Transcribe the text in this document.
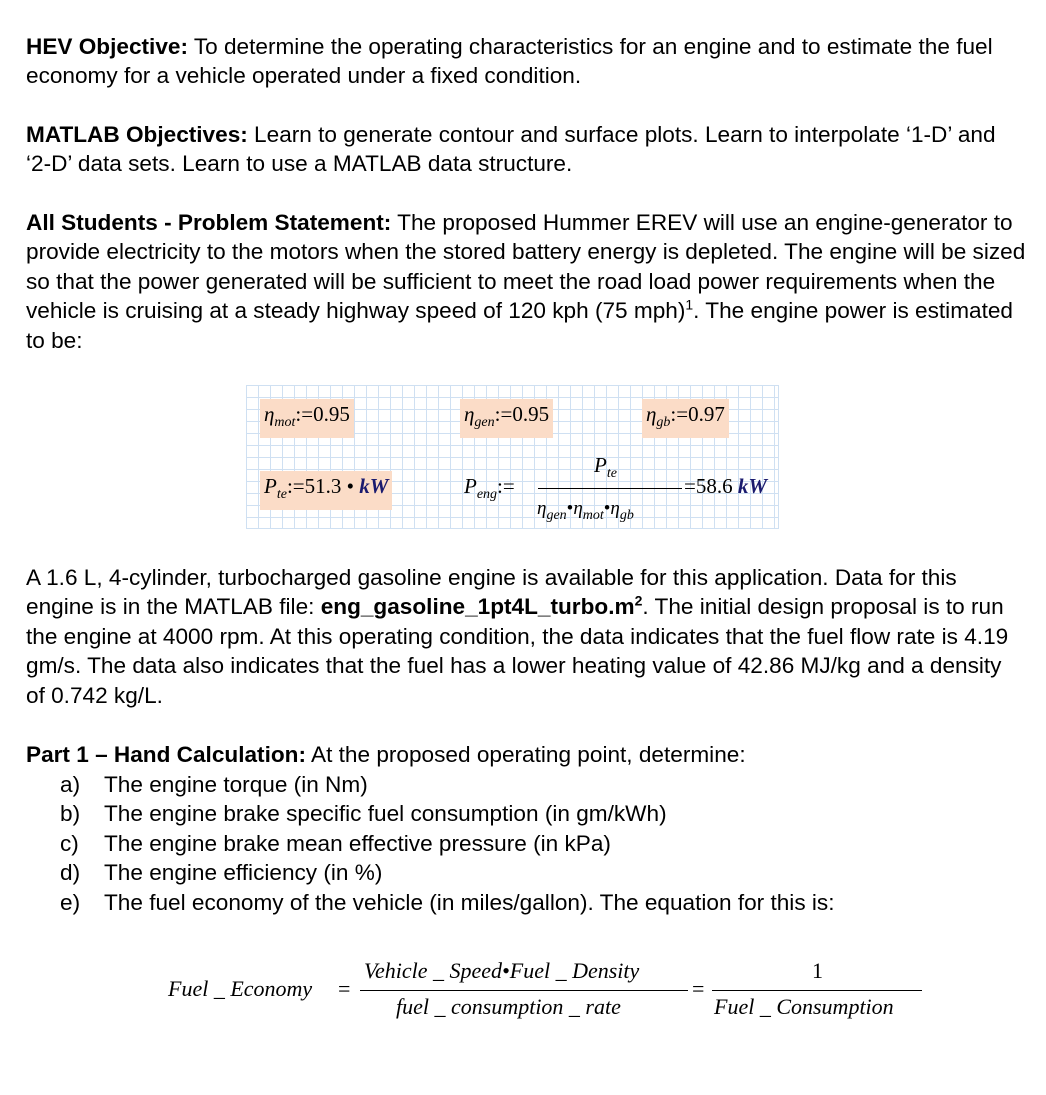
HEV Objective: To determine the operating characteristics for an engine and to estimate the fuel economy for a vehicle operated under a fixed condition.

MATLAB Objectives: Learn to generate contour and surface plots. Learn to interpolate ‘1-D’ and ‘2-D’ data sets. Learn to use a MATLAB data structure.

All Students - Problem Statement: The proposed Hummer EREV will use an engine-generator to provide electricity to the motors when the stored battery energy is depleted. The engine will be sized so that the power generated will be sufficient to meet the road load power requirements when the vehicle is cruising at a steady highway speed of 120 kph (75 mph)$^1$. The engine power is estimated to be:

$\eta_{mot}:=0.95$	$\eta_{gen}:=0.95$	$\eta_{gb}:=0.97$
$P_{te}:=51.3$ • kW	$P_{eng}:=$
$P_{te}$
$\eta_{gen}•\eta_{mot}•\eta_{gb}$
=58.6 kW

A 1.6 L, 4-cylinder, turbocharged gasoline engine is available for this application. Data for this engine is in the MATLAB file: $eng\_gasoline\_1pt4L\_turbo.m^2$. The initial design proposal is to run the engine at 4000 rpm. At this operating condition, the data indicates that the fuel flow rate is 4.19 gm/s. The data also indicates that the fuel has a lower heating value of 42.86 MJ/kg and a density of 0.742 kg/L.

Part 1 – Hand Calculation: At the proposed operating point, determine:

a) The engine torque (in Nm)
b) The engine brake specific fuel consumption (in gm/kWh)
c) The engine brake mean effective pressure (in kPa)
d) The engine efficiency (in %)
e) The fuel economy of the vehicle (in miles/gallon). The equation for this is:
Fuel _ Economy =
Vehicle _ Speed•Fuel _ Density
fuel _ consumption _ rate
=
1
Fuel _ Consumption
